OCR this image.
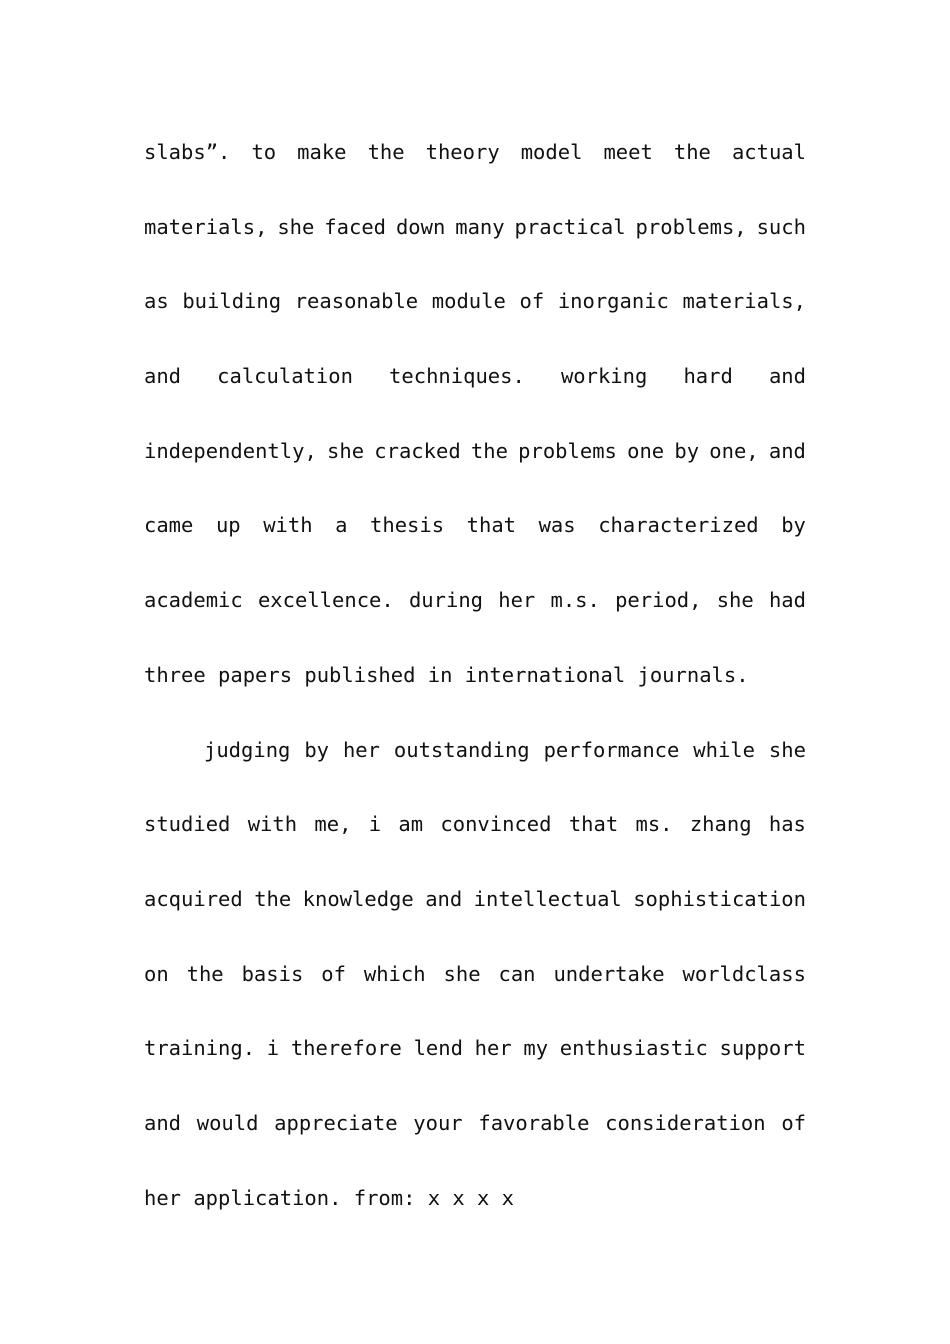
slabs”. to make the theory model meet the actual
materials, she faced down many practical problems, such
as building reasonable module of inorganic materials,
and calculation techniques. working hard and
independently, she cracked the problems one by one, and
came up with a thesis that was characterized by
academic excellence. during her m.s. period, she had
three papers published in international journals.
judging by her outstanding performance while she
studied with me, i am convinced that ms. zhang has
acquired the knowledge and intellectual sophistication
on the basis of which she can undertake worldclass
training. i therefore lend her my enthusiastic support
and would appreciate your favorable consideration of
her application. from: x x x x
